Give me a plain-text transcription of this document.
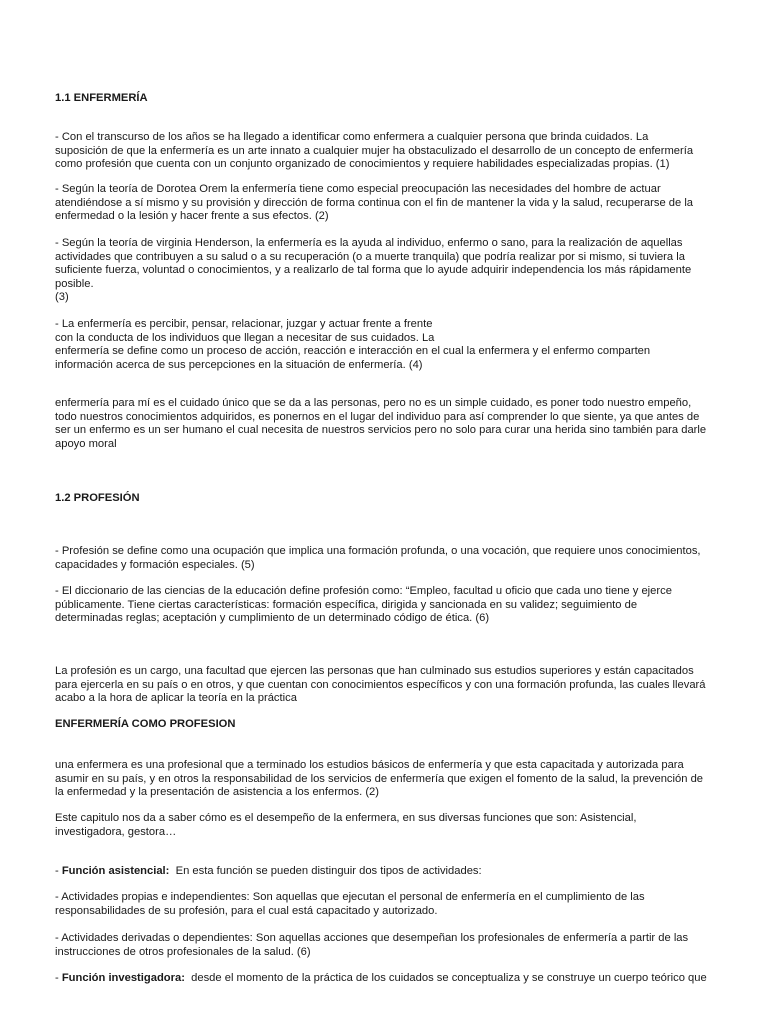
1.1 ENFERMERÍA

- Con el transcurso de los años se ha llegado a identificar como enfermera a cualquier persona que brinda cuidados. La
suposición de que la enfermería es un arte innato a cualquier mujer ha obstaculizado el desarrollo de un concepto de enfermería
como profesión que cuenta con un conjunto organizado de conocimientos y requiere habilidades especializadas propias. (1)

- Según la teoría de Dorotea Orem la enfermería tiene como especial preocupación las necesidades del hombre de actuar
atendiéndose a sí mismo y su provisión y dirección de forma continua con el fin de mantener la vida y la salud, recuperarse de la
enfermedad o la lesión y hacer frente a sus efectos. (2)

- Según la teoría de virginia Henderson, la enfermería es la ayuda al individuo, enfermo o sano, para la realización de aquellas
actividades que contribuyen a su salud o a su recuperación (o a muerte tranquila) que podría realizar por si mismo, si tuviera la
suficiente fuerza, voluntad o conocimientos, y a realizarlo de tal forma que lo ayude adquirir independencia los más rápidamente
posible.
(3)

- La enfermería es percibir, pensar, relacionar, juzgar y actuar frente a frente
con la conducta de los individuos que llegan a necesitar de sus cuidados. La
enfermería se define como un proceso de acción, reacción e interacción en el cual la enfermera y el enfermo comparten
información acerca de sus percepciones en la situación de enfermería. (4)

enfermería para mí es el cuidado único que se da a las personas, pero no es un simple cuidado, es poner todo nuestro empeño,
todo nuestros conocimientos adquiridos, es ponernos en el lugar del individuo para así comprender lo que siente, ya que antes de
ser un enfermo es un ser humano el cual necesita de nuestros servicios pero no solo para curar una herida sino también para darle
apoyo moral

1.2 PROFESIÓN

- Profesión se define como una ocupación que implica una formación profunda, o una vocación, que requiere unos conocimientos,
capacidades y formación especiales. (5)

- El diccionario de las ciencias de la educación define profesión como: “Empleo, facultad u oficio que cada uno tiene y ejerce
públicamente. Tiene ciertas características: formación específica, dirigida y sancionada en su validez; seguimiento de
determinadas reglas; aceptación y cumplimiento de un determinado código de ética. (6)

La profesión es un cargo, una facultad que ejercen las personas que han culminado sus estudios superiores y están capacitados
para ejercerla en su país o en otros, y que cuentan con conocimientos específicos y con una formación profunda, las cuales llevará
acabo a la hora de aplicar la teoría en la práctica

ENFERMERÍA COMO PROFESION

una enfermera es una profesional que a terminado los estudios básicos de enfermería y que esta capacitada y autorizada para
asumir en su país, y en otros la responsabilidad de los servicios de enfermería que exigen el fomento de la salud, la prevención de
la enfermedad y la presentación de asistencia a los enfermos. (2)

Este capitulo nos da a saber cómo es el desempeño de la enfermera, en sus diversas funciones que son: Asistencial,
investigadora, gestora…

- Función asistencial:  En esta función se pueden distinguir dos tipos de actividades:

- Actividades propias e independientes: Son aquellas que ejecutan el personal de enfermería en el cumplimiento de las
responsabilidades de su profesión, para el cual está capacitado y autorizado.

- Actividades derivadas o dependientes: Son aquellas acciones que desempeñan los profesionales de enfermería a partir de las
instrucciones de otros profesionales de la salud. (6)

- Función investigadora:  desde el momento de la práctica de los cuidados se conceptualiza y se construye un cuerpo teórico que
